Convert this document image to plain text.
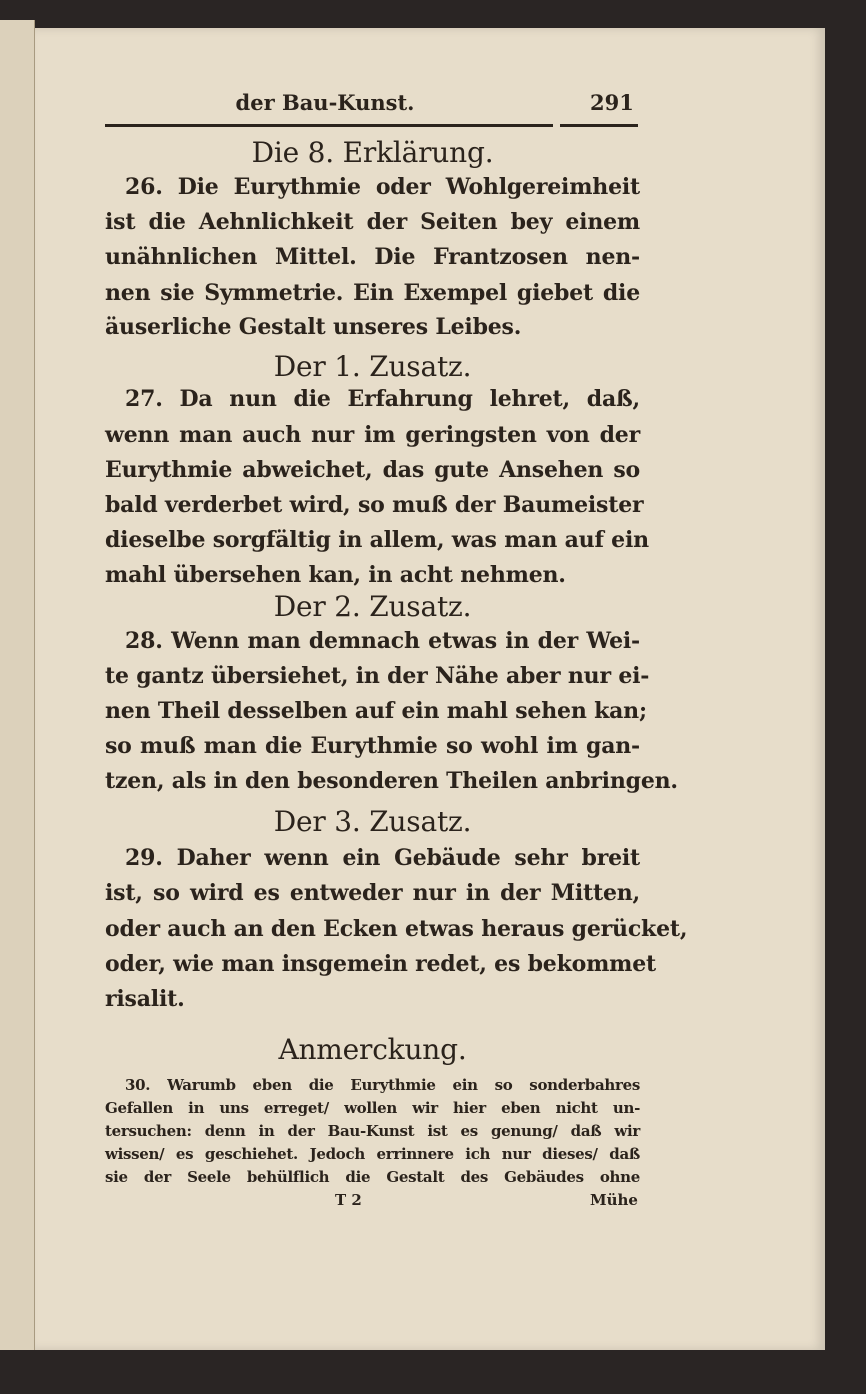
der Bau-Kunst.	291
Die 8. Erklärung.
26. Die Eurythmie oder Wohlgereimheit
ist die Aehnlichkeit der Seiten bey einem
unähnlichen Mittel. Die Frantzosen nen-
nen sie Symmetrie. Ein Exempel giebet die
äuserliche Gestalt unseres Leibes.
Der 1. Zusatz.
27. Da nun die Erfahrung lehret, daß,
wenn man auch nur im geringsten von der
Eurythmie abweichet, das gute Ansehen so
bald verderbet wird, so muß der Baumeister
dieselbe sorgfältig in allem, was man auf ein
mahl übersehen kan, in acht nehmen.
Der 2. Zusatz.
28. Wenn man demnach etwas in der Wei-
te gantz übersiehet, in der Nähe aber nur ei-
nen Theil desselben auf ein mahl sehen kan;
so muß man die Eurythmie so wohl im gan-
tzen, als in den besonderen Theilen anbringen.
Der 3. Zusatz.
29. Daher wenn ein Gebäude sehr breit
ist, so wird es entweder nur in der Mitten,
oder auch an den Ecken etwas heraus gerücket,
oder, wie man insgemein redet, es bekommet
risalit.
Anmerckung.
30. Warumb eben die Eurythmie ein so sonderbahres
Gefallen in uns erreget/ wollen wir hier eben nicht un-
tersuchen: denn in der Bau-Kunst ist es genung/ daß wir
wissen/ es geschiehet. Jedoch errinnere ich nur dieses/ daß
sie der Seele behülflich die Gestalt des Gebäudes ohne
T 2	Mühe
